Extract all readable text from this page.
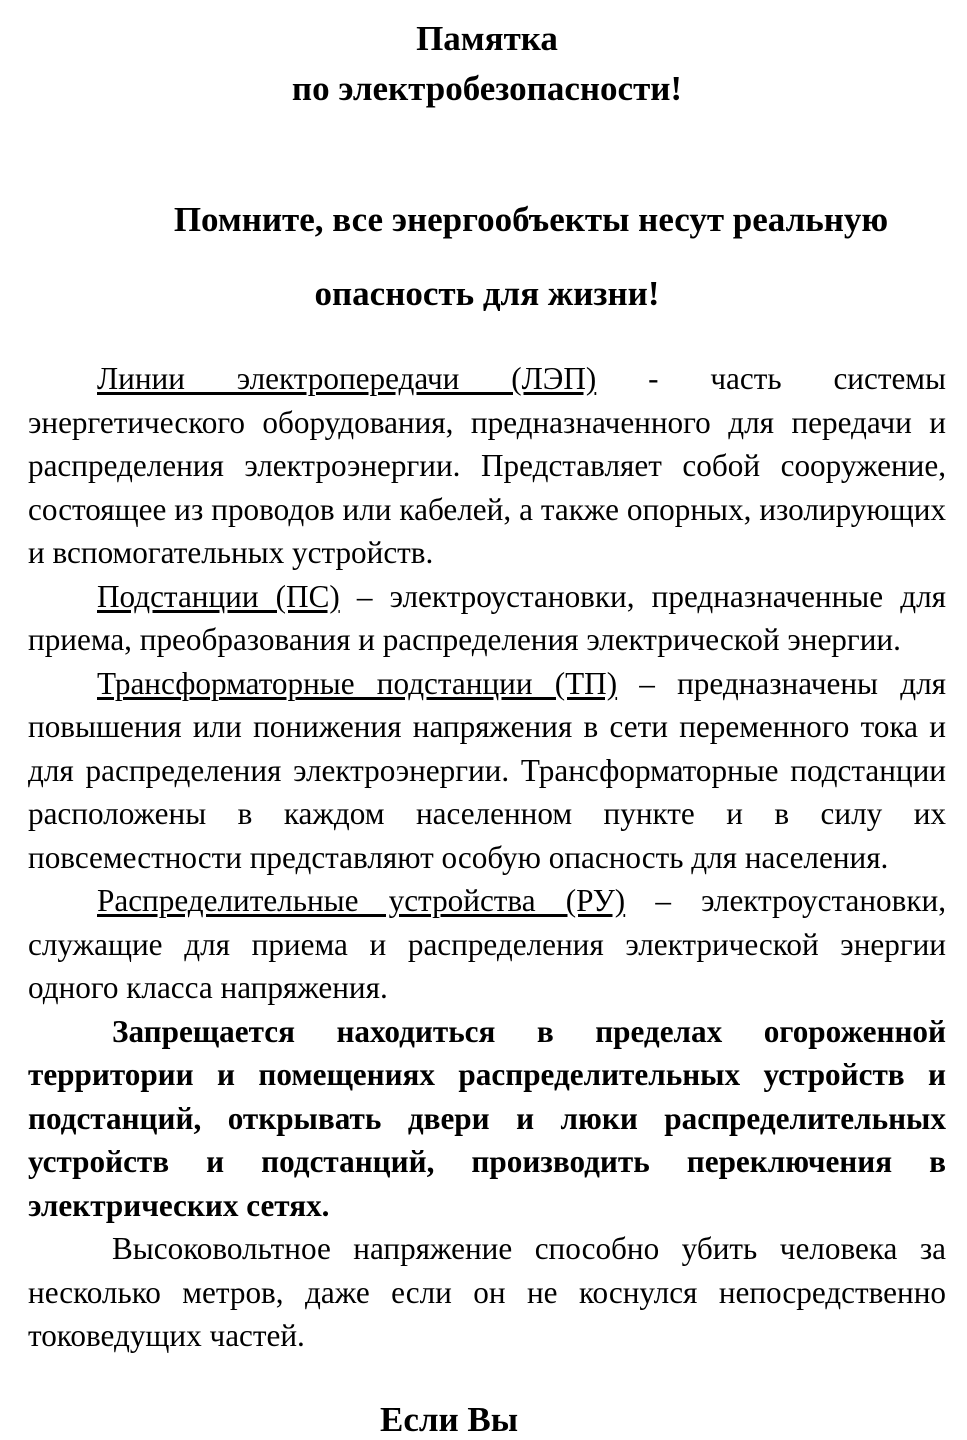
Памятка
по электробезопасности!

Помните, все энергообъекты несут реальную
опасность для жизни!

Линии электропередачи (ЛЭП) - часть системы энергетического оборудования, предназначенного для передачи и распределения электроэнергии. Представляет собой сооружение, состоящее из проводов или кабелей, а также опорных, изолирующих и вспомогательных устройств.

Подстанции (ПС) – электроустановки, предназначенные для приема, преобразования и распределения электрической энергии.

Трансформаторные подстанции (ТП) – предназначены для повышения или понижения напряжения в сети переменного тока и для распределения электроэнергии. Трансформаторные подстанции расположены в каждом населенном пункте и в силу их повсеместности представляют особую опасность для населения.

Распределительные устройства (РУ) – электроустановки, служащие для приема и распределения электрической энергии одного класса напряжения.

Запрещается находиться в пределах огороженной территории и помещениях распределительных устройств и подстанций, открывать двери и люки распределительных устройств и подстанций, производить переключения в электрических сетях.

Высоковольтное напряжение способно убить человека за несколько метров, даже если он не коснулся непосредственно токоведущих частей.

Если Вы
